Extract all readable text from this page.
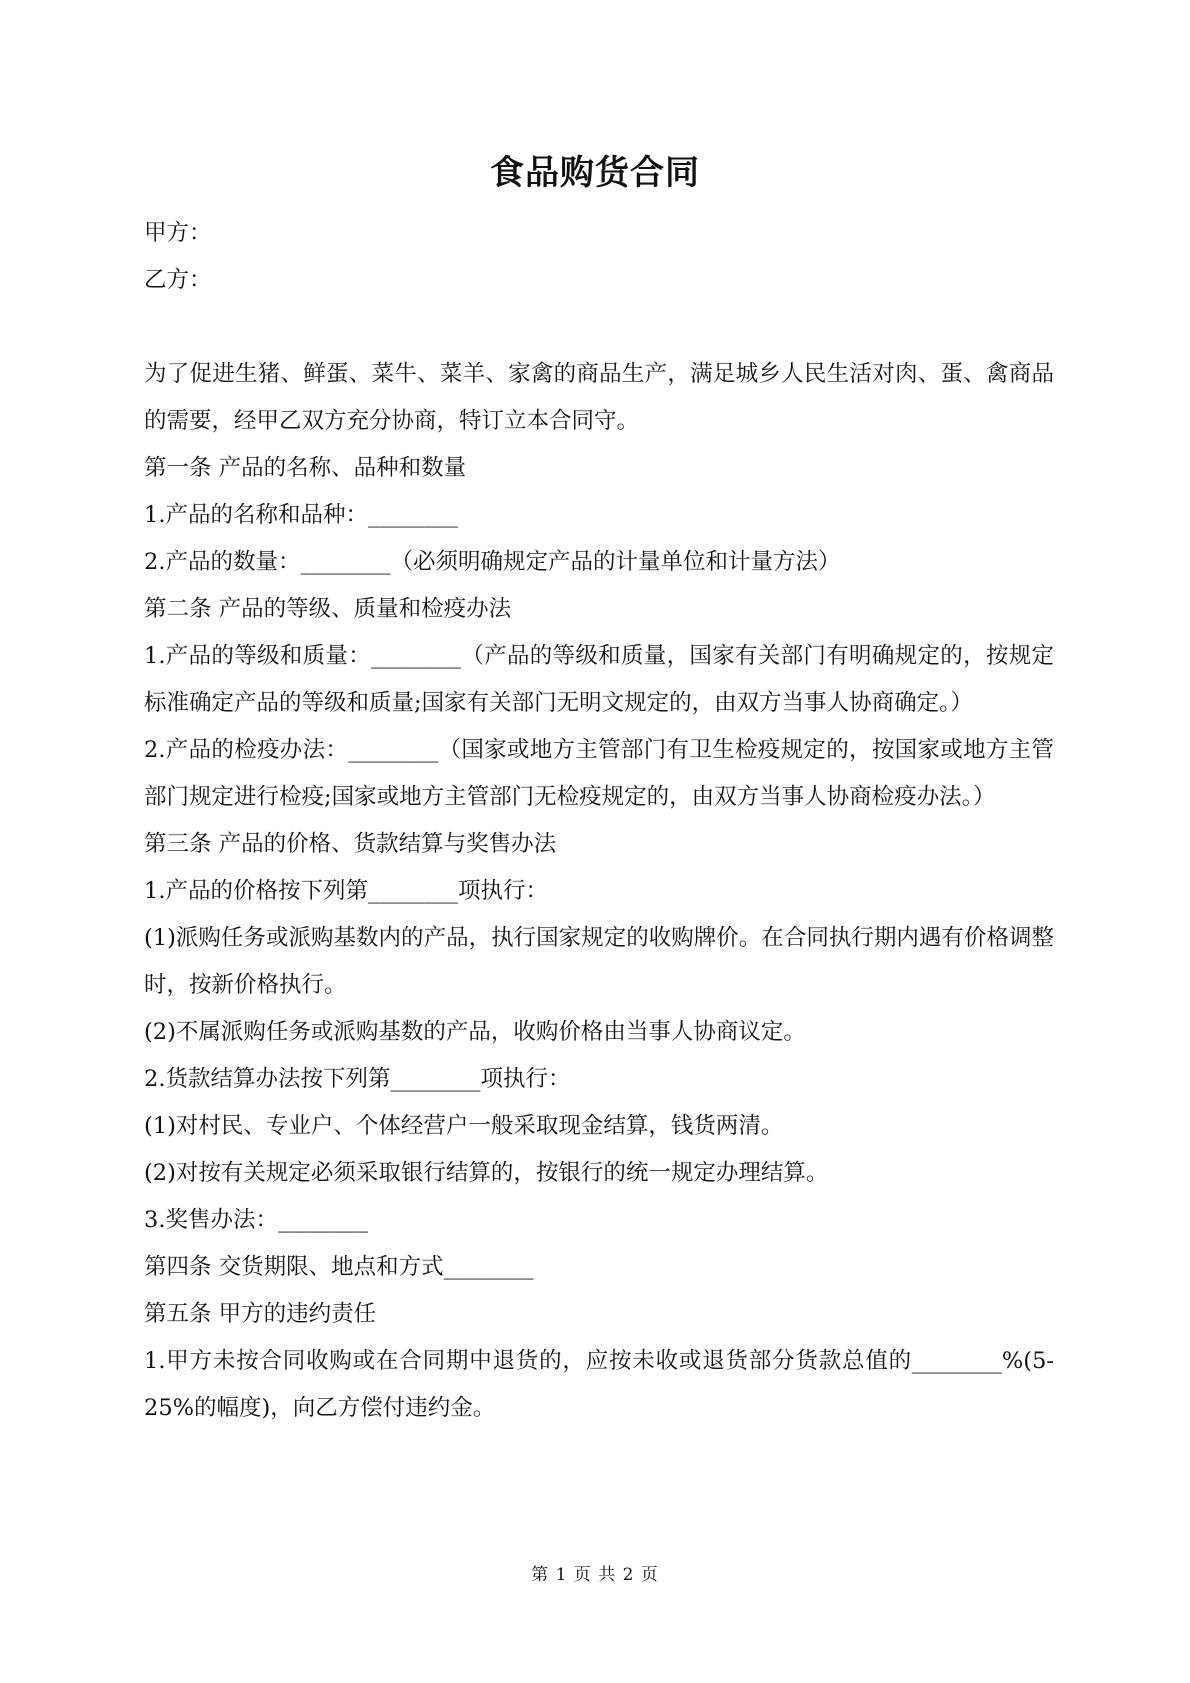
食品购货合同

甲方：

乙方：

为了促进生猪、鲜蛋、菜牛、菜羊、家禽的商品生产，满足城乡人民生活对肉、蛋、禽商品的需要，经甲乙双方充分协商，特订立本合同守。

第一条 产品的名称、品种和数量

1.产品的名称和品种：________

2.产品的数量：________（必须明确规定产品的计量单位和计量方法）

第二条 产品的等级、质量和检疫办法

1.产品的等级和质量：________（产品的等级和质量，国家有关部门有明确规定的，按规定标准确定产品的等级和质量;国家有关部门无明文规定的，由双方当事人协商确定。）

2.产品的检疫办法：________（国家或地方主管部门有卫生检疫规定的，按国家或地方主管部门规定进行检疫;国家或地方主管部门无检疫规定的，由双方当事人协商检疫办法。）

第三条 产品的价格、货款结算与奖售办法

1.产品的价格按下列第________项执行：

(1)派购任务或派购基数内的产品，执行国家规定的收购牌价。在合同执行期内遇有价格调整时，按新价格执行。

(2)不属派购任务或派购基数的产品，收购价格由当事人协商议定。

2.货款结算办法按下列第________项执行：

(1)对村民、专业户、个体经营户一般采取现金结算，钱货两清。

(2)对按有关规定必须采取银行结算的，按银行的统一规定办理结算。

3.奖售办法：________

第四条 交货期限、地点和方式________

第五条 甲方的违约责任

1.甲方未按合同收购或在合同期中退货的，应按未收或退货部分货款总值的________%(5-25%的幅度)，向乙方偿付违约金。

第 1 页 共 2 页
